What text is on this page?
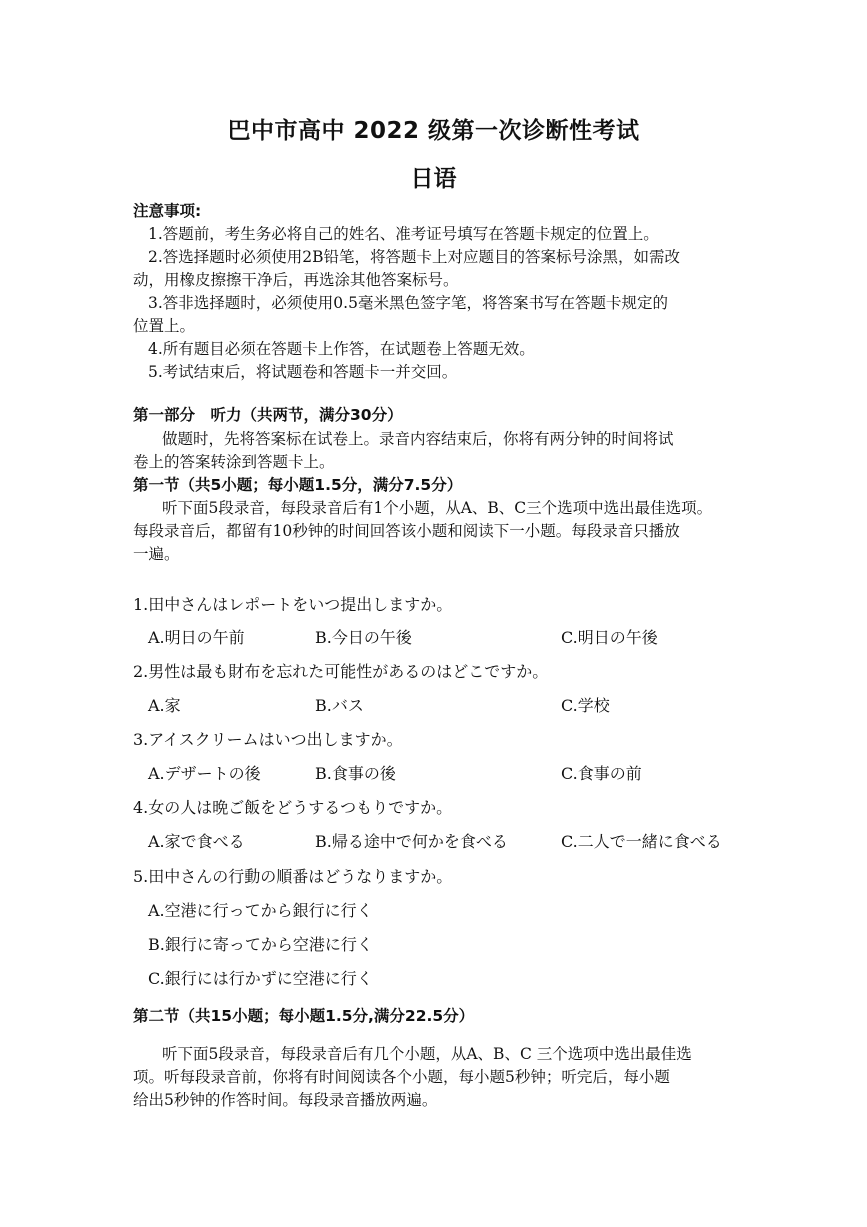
巴中市高中 2022 级第一次诊断性考试
日语
注意事项:
1.答题前，考生务必将自己的姓名、准考证号填写在答题卡规定的位置上。
2.答选择题时必须使用2B铅笔，将答题卡上对应题目的答案标号涂黑，如需改
动，用橡皮擦擦干净后，再选涂其他答案标号。
3.答非选择题时，必须使用0.5毫米黑色签字笔，将答案书写在答题卡规定的
位置上。
4.所有题目必须在答题卡上作答，在试题卷上答题无效。
5.考试结束后，将试题卷和答题卡一并交回。
第一部分　听力（共两节，满分30分）
做题时，先将答案标在试卷上。录音内容结束后，你将有两分钟的时间将试
卷上的答案转涂到答题卡上。
第一节（共5小题；每小题1.5分，满分7.5分）
听下面5段录音，每段录音后有1个小题，从A、B、C三个选项中选出最佳选项。
每段录音后，都留有10秒钟的时间回答该小题和阅读下一小题。每段录音只播放
一遍。
1.田中さんはレポートをいつ提出しますか。
A.明日の午前	B.今日の午後	C.明日の午後
2.男性は最も財布を忘れた可能性があるのはどこですか。
A.家	B.バス	C.学校
3.アイスクリームはいつ出しますか。
A.デザートの後	B.食事の後	C.食事の前
4.女の人は晩ご飯をどうするつもりですか。
A.家で食べる	B.帰る途中で何かを食べる	C.二人で一緒に食べる
5.田中さんの行動の順番はどうなりますか。
A.空港に行ってから銀行に行く
B.銀行に寄ってから空港に行く
C.銀行には行かずに空港に行く
第二节（共15小题；每小题1.5分,满分22.5分）
听下面5段录音，每段录音后有几个小题，从A、B、C 三个选项中选出最佳选
项。听每段录音前，你将有时间阅读各个小题，每小题5秒钟；听完后，每小题
给出5秒钟的作答时间。每段录音播放两遍。
